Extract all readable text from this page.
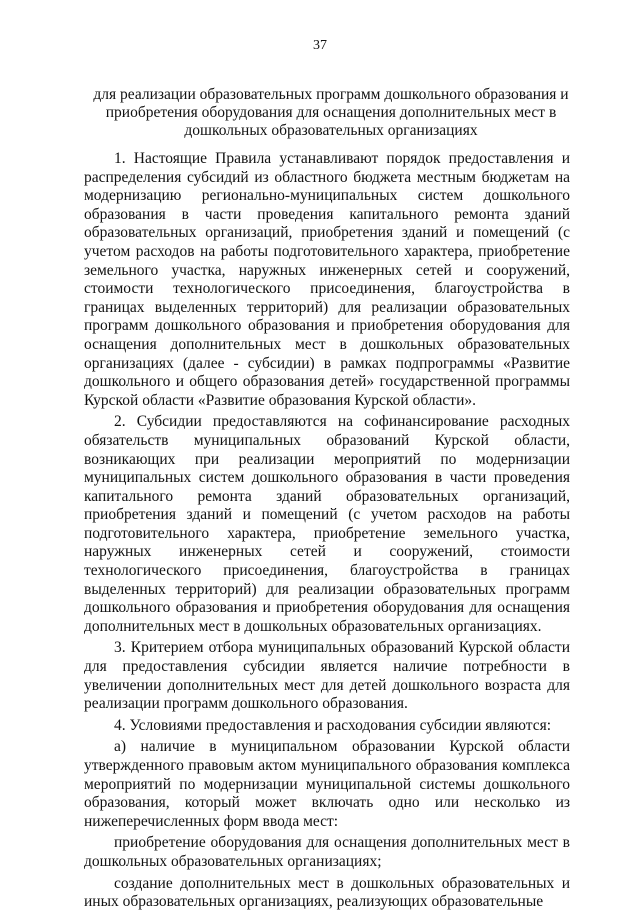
37
для реализации образовательных программ дошкольного образования и приобретения оборудования для оснащения дополнительных мест в дошкольных образовательных организациях

1. Настоящие Правила устанавливают порядок предоставления и распределения субсидий из областного бюджета местным бюджетам на модернизацию регионально-муниципальных систем дошкольного образования в части проведения капитального ремонта зданий образовательных организаций, приобретения зданий и помещений (с учетом расходов на работы подготовительного характера, приобретение земельного участка, наружных инженерных сетей и сооружений, стоимости технологического присоединения, благоустройства в границах выделенных территорий) для реализации образовательных программ дошкольного образования и приобретения оборудования для оснащения дополнительных мест в дошкольных образовательных организациях (далее - субсидии) в рамках подпрограммы «Развитие дошкольного и общего образования детей» государственной программы Курской области «Развитие образования Курской области».

2. Субсидии предоставляются на софинансирование расходных обязательств муниципальных образований Курской области, возникающих при реализации мероприятий по модернизации муниципальных систем дошкольного образования в части проведения капитального ремонта зданий образовательных организаций, приобретения зданий и помещений (с учетом расходов на работы подготовительного характера, приобретение земельного участка, наружных инженерных сетей и сооружений, стоимости технологического присоединения, благоустройства в границах выделенных территорий) для реализации образовательных программ дошкольного образования и приобретения оборудования для оснащения дополнительных мест в дошкольных образовательных организациях.

3. Критерием отбора муниципальных образований Курской области для предоставления субсидии является наличие потребности в увеличении дополнительных мест для детей дошкольного возраста для реализации программ дошкольного образования.

4. Условиями предоставления и расходования субсидии являются:

а) наличие в муниципальном образовании Курской области утвержденного правовым актом муниципального образования комплекса мероприятий по модернизации муниципальной системы дошкольного образования, который может включать одно или несколько из нижеперечисленных форм ввода мест:

приобретение оборудования для оснащения дополнительных мест в дошкольных образовательных организациях;

создание дополнительных мест в дошкольных образовательных и иных образовательных организациях, реализующих образовательные
